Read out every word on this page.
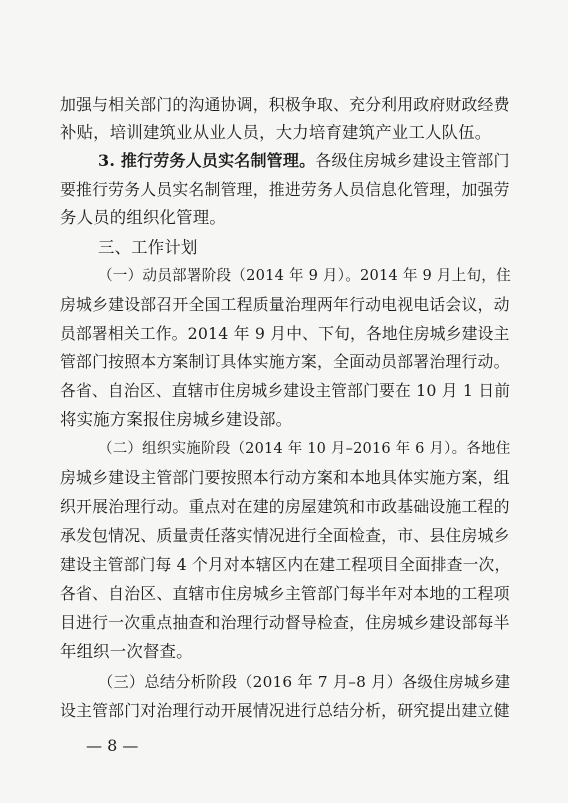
加强与相关部门的沟通协调，积极争取、充分利用政府财政经费
补贴，培训建筑业从业人员，大力培育建筑产业工人队伍。
3. 推行劳务人员实名制管理。各级住房城乡建设主管部门
要推行劳务人员实名制管理，推进劳务人员信息化管理，加强劳
务人员的组织化管理。
三、工作计划
（一）动员部署阶段（2014 年 9 月）。2014 年 9 月上旬，住
房城乡建设部召开全国工程质量治理两年行动电视电话会议，动
员部署相关工作。2014 年 9 月中、下旬，各地住房城乡建设主
管部门按照本方案制订具体实施方案，全面动员部署治理行动。
各省、自治区、直辖市住房城乡建设主管部门要在 10 月 1 日前
将实施方案报住房城乡建设部。
（二）组织实施阶段（2014 年 10 月–2016 年 6 月）。各地住
房城乡建设主管部门要按照本行动方案和本地具体实施方案，组
织开展治理行动。重点对在建的房屋建筑和市政基础设施工程的
承发包情况、质量责任落实情况进行全面检查，市、县住房城乡
建设主管部门每 4 个月对本辖区内在建工程项目全面排查一次，
各省、自治区、直辖市住房城乡主管部门每半年对本地的工程项
目进行一次重点抽查和治理行动督导检查，住房城乡建设部每半
年组织一次督查。
（三）总结分析阶段（2016 年 7 月–8 月）各级住房城乡建
设主管部门对治理行动开展情况进行总结分析，研究提出建立健
— 8 —
